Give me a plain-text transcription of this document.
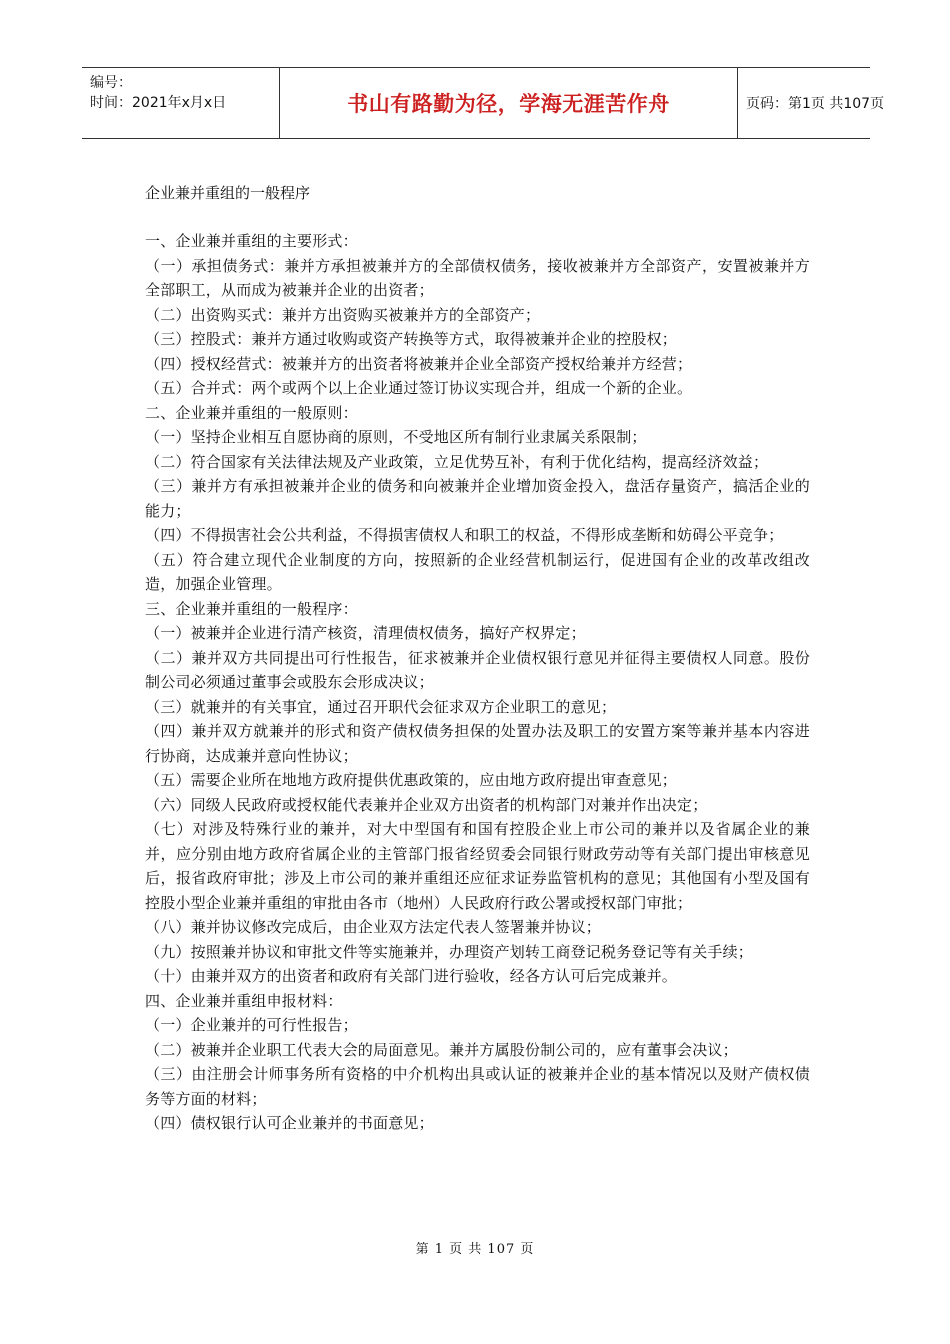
编号：
时间：2021年x月x日	书山有路勤为径，学海无涯苦作舟	页码：第1页 共107页
企业兼并重组的一般程序

一、企业兼并重组的主要形式：

（一）承担债务式：兼并方承担被兼并方的全部债权债务，接收被兼并方全部资产，安置被兼并方全部职工，从而成为被兼并企业的出资者；

（二）出资购买式：兼并方出资购买被兼并方的全部资产；

（三）控股式：兼并方通过收购或资产转换等方式，取得被兼并企业的控股权；

（四）授权经营式：被兼并方的出资者将被兼并企业全部资产授权给兼并方经营；

（五）合并式：两个或两个以上企业通过签订协议实现合并，组成一个新的企业。

二、企业兼并重组的一般原则：

（一）坚持企业相互自愿协商的原则，不受地区所有制行业隶属关系限制；

（二）符合国家有关法律法规及产业政策，立足优势互补，有利于优化结构，提高经济效益；

（三）兼并方有承担被兼并企业的债务和向被兼并企业增加资金投入，盘活存量资产，搞活企业的能力；

（四）不得损害社会公共利益，不得损害债权人和职工的权益，不得形成垄断和妨碍公平竞争；

（五）符合建立现代企业制度的方向，按照新的企业经营机制运行，促进国有企业的改革改组改造，加强企业管理。

三、企业兼并重组的一般程序：

（一）被兼并企业进行清产核资，清理债权债务，搞好产权界定；

（二）兼并双方共同提出可行性报告，征求被兼并企业债权银行意见并征得主要债权人同意。股份制公司必须通过董事会或股东会形成决议；

（三）就兼并的有关事宜，通过召开职代会征求双方企业职工的意见；

（四）兼并双方就兼并的形式和资产债权债务担保的处置办法及职工的安置方案等兼并基本内容进行协商，达成兼并意向性协议；

（五）需要企业所在地地方政府提供优惠政策的，应由地方政府提出审查意见；

（六）同级人民政府或授权能代表兼并企业双方出资者的机构部门对兼并作出决定；

（七）对涉及特殊行业的兼并，对大中型国有和国有控股企业上市公司的兼并以及省属企业的兼并，应分别由地方政府省属企业的主管部门报省经贸委会同银行财政劳动等有关部门提出审核意见后，报省政府审批；涉及上市公司的兼并重组还应征求证券监管机构的意见；其他国有小型及国有控股小型企业兼并重组的审批由各市（地州）人民政府行政公署或授权部门审批；

（八）兼并协议修改完成后，由企业双方法定代表人签署兼并协议；

（九）按照兼并协议和审批文件等实施兼并，办理资产划转工商登记税务登记等有关手续；

（十）由兼并双方的出资者和政府有关部门进行验收，经各方认可后完成兼并。

四、企业兼并重组申报材料：

（一）企业兼并的可行性报告；

（二）被兼并企业职工代表大会的局面意见。兼并方属股份制公司的，应有董事会决议；

（三）由注册会计师事务所有资格的中介机构出具或认证的被兼并企业的基本情况以及财产债权债务等方面的材料；

（四）债权银行认可企业兼并的书面意见；

第 1 页 共 107 页
